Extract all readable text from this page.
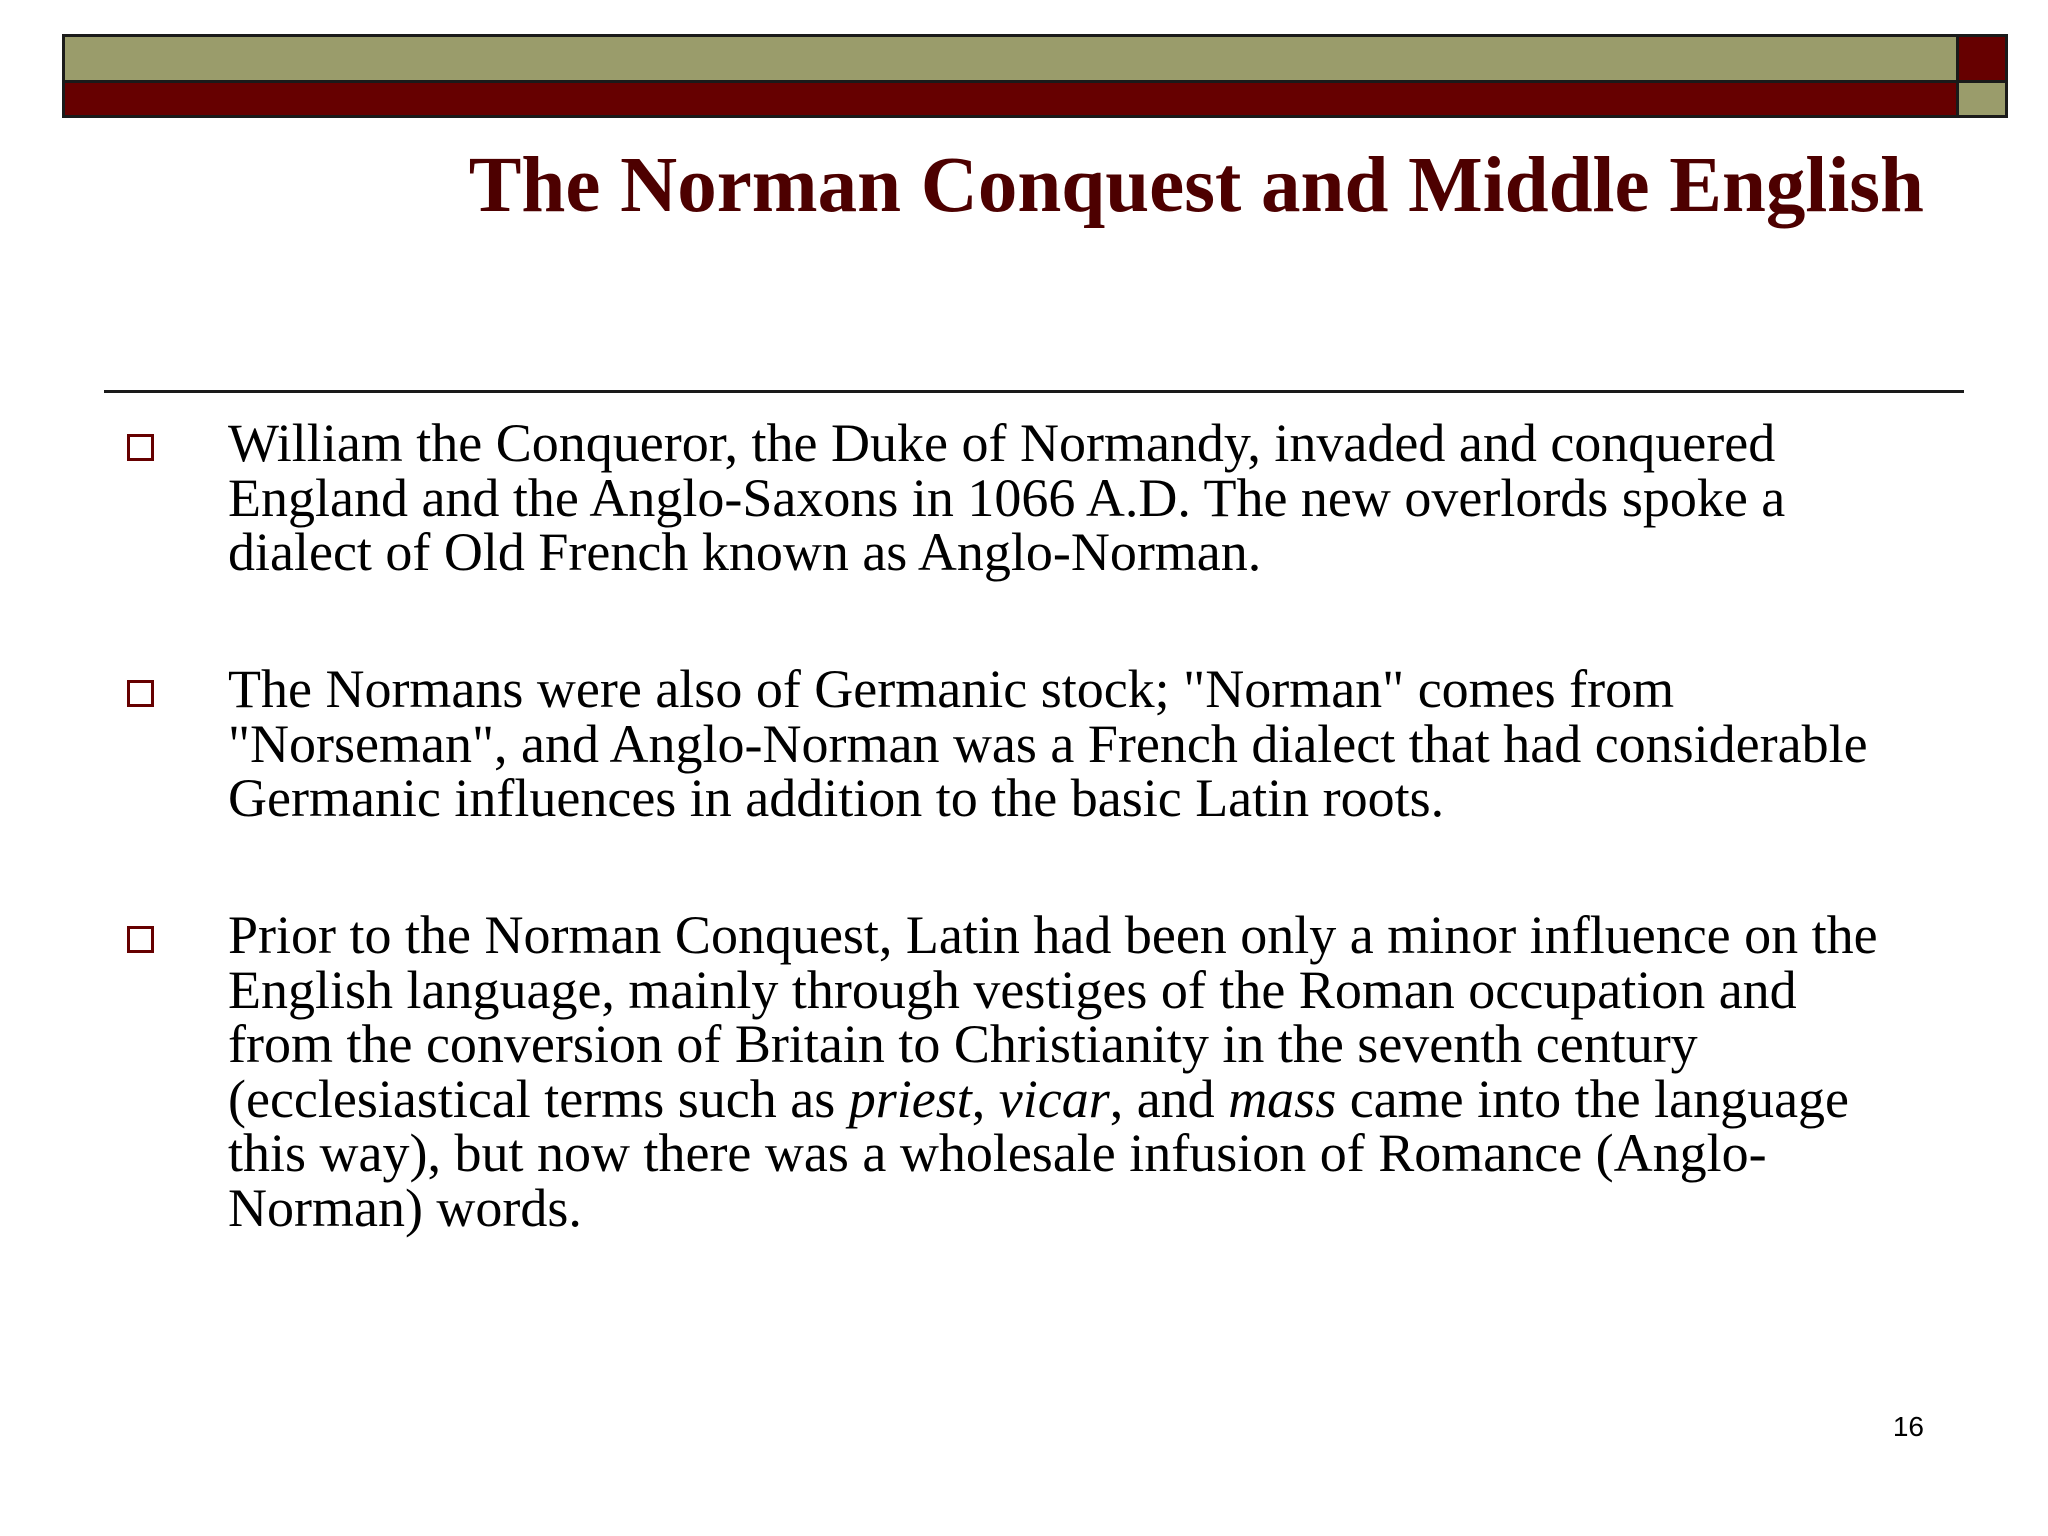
The Norman Conquest and Middle English

William the Conqueror, the Duke of Normandy, invaded and conquered England and the Anglo-Saxons in 1066 A.D. The new overlords spoke a dialect of Old French known as Anglo-Norman.

The Normans were also of Germanic stock; "Norman" comes from "Norseman", and Anglo-Norman was a French dialect that had considerable Germanic influences in addition to the basic Latin roots.

Prior to the Norman Conquest, Latin had been only a minor influence on the English language, mainly through vestiges of the Roman occupation and from the conversion of Britain to Christianity in the seventh century (ecclesiastical terms such as priest, vicar, and mass came into the language this way), but now there was a wholesale infusion of Romance (Anglo-Norman) words.

16
